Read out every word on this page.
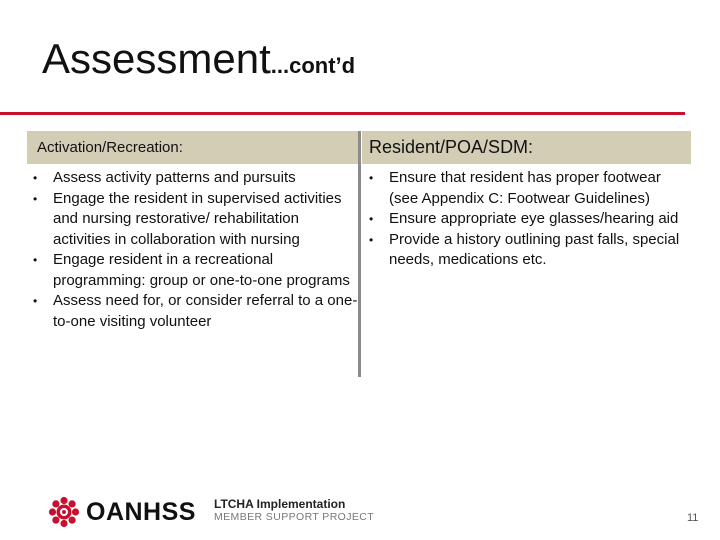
Assessment...cont’d
Activation/Recreation:	Resident/POA/SDM:
• Assess activity patterns and pursuits
• Engage the resident in supervised activities and nursing restorative/ rehabilitation activities in collaboration with nursing
• Engage resident in a recreational programming: group or one-to-one programs
• Assess need for, or consider referral to a one-to-one visiting volunteer
• Ensure that resident has proper footwear (see Appendix C: Footwear Guidelines)
• Ensure appropriate eye glasses/hearing aid
• Provide a history outlining past falls, special needs, medications etc.
OANHSS LTCHA Implementation
MEMBER SUPPORT PROJECT	11
